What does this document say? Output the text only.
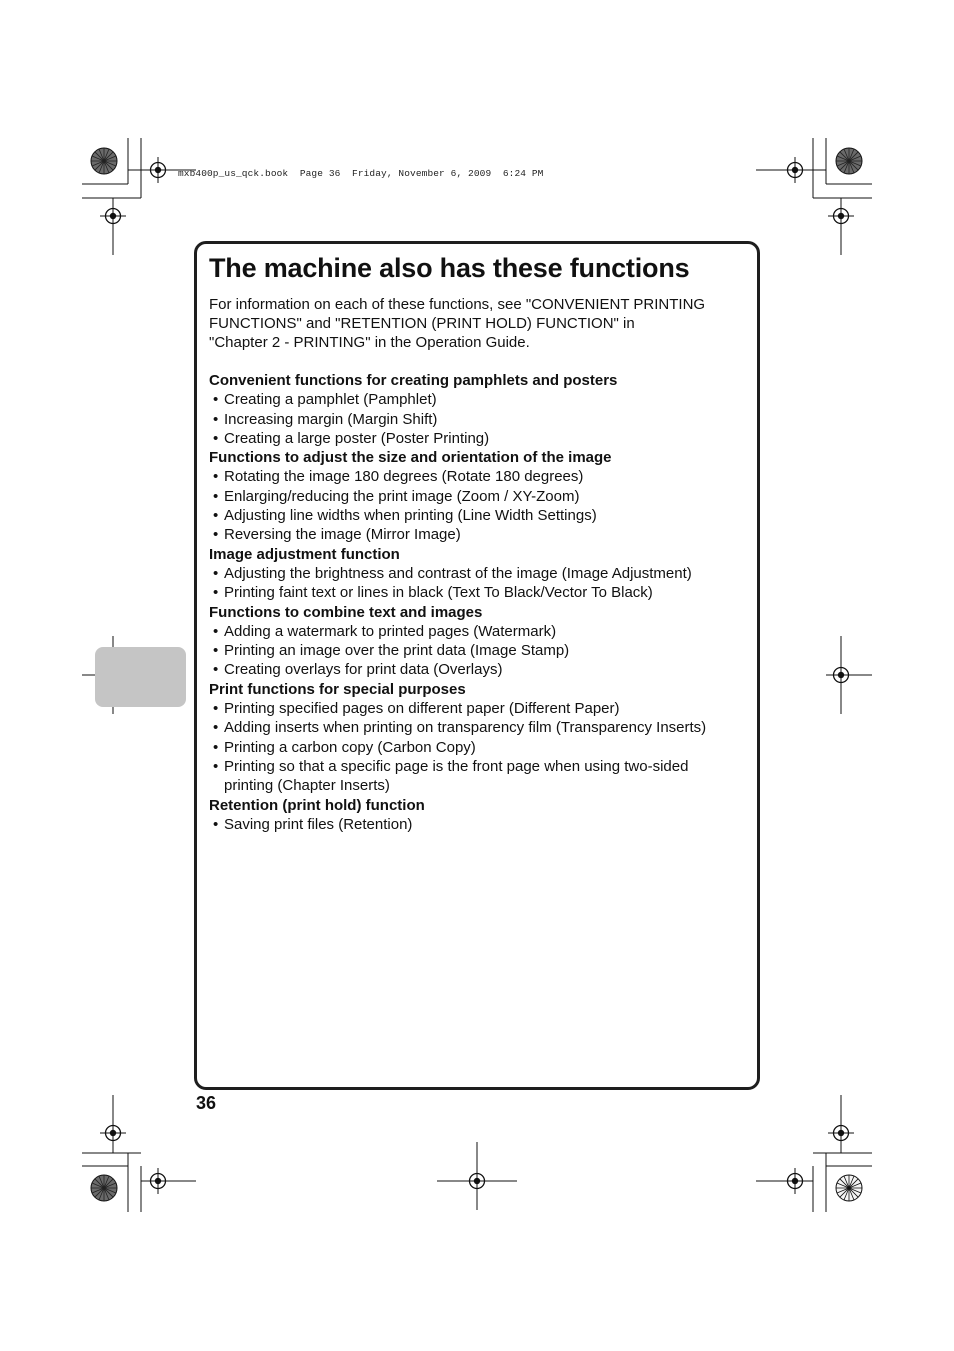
mxb400p_us_qck.book  Page 36  Friday, November 6, 2009  6:24 PM
The machine also has these functions
For information on each of these functions, see "CONVENIENT PRINTING
FUNCTIONS" and "RETENTION (PRINT HOLD) FUNCTION" in
"Chapter 2 - PRINTING" in the Operation Guide.
Convenient functions for creating pamphlets and posters
• Creating a pamphlet (Pamphlet)
• Increasing margin (Margin Shift)
• Creating a large poster (Poster Printing)
Functions to adjust the size and orientation of the image
• Rotating the image 180 degrees (Rotate 180 degrees)
• Enlarging/reducing the print image (Zoom / XY-Zoom)
• Adjusting line widths when printing (Line Width Settings)
• Reversing the image (Mirror Image)
Image adjustment function
• Adjusting the brightness and contrast of the image (Image Adjustment)
• Printing faint text or lines in black (Text To Black/Vector To Black)
Functions to combine text and images
• Adding a watermark to printed pages (Watermark)
• Printing an image over the print data (Image Stamp)
• Creating overlays for print data (Overlays)
Print functions for special purposes
• Printing specified pages on different paper (Different Paper)
• Adding inserts when printing on transparency film (Transparency Inserts)
• Printing a carbon copy (Carbon Copy)
• Printing so that a specific page is the front page when using two-sided
printing (Chapter Inserts)
Retention (print hold) function
• Saving print files (Retention)
36
